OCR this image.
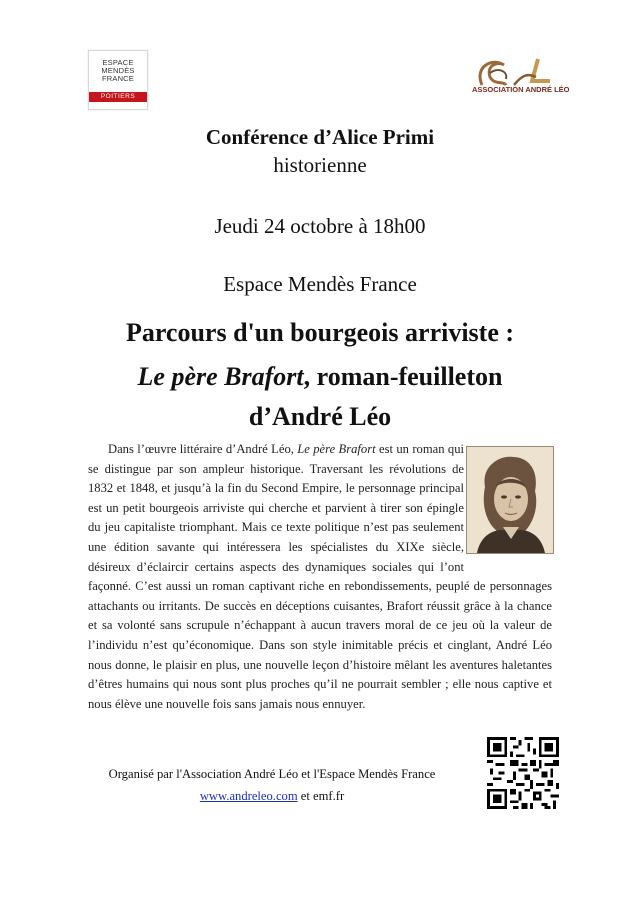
ESPACE
MENDÈS
FRANCE
POITIERS
ASSOCIATION ANDRÉ LÉO
Conférence d’Alice Primi
historienne
Jeudi 24 octobre à 18h00
Espace Mendès France
Parcours d'un bourgeois arriviste :
Le père Brafort, roman-feuilleton
d’André Léo
Dans l’œuvre littéraire d’André Léo, Le père Brafort est un roman qui se distingue par son ampleur historique. Traversant les révolutions de 1832 et 1848, et jusqu’à la fin du Second Empire, le personnage principal est un petit bourgeois arriviste qui cherche et parvient à tirer son épingle du jeu capitaliste triomphant. Mais ce texte politique n’est pas seulement une édition savante qui intéressera les spécialistes du XIXe siècle, désireux d’éclaircir certains aspects des dynamiques sociales qui l’ont façonné. C’est aussi un roman captivant riche en rebondissements, peuplé de personnages attachants ou irritants. De succès en déceptions cuisantes, Brafort réussit grâce à la chance et sa volonté sans scrupule n’échappant à aucun travers moral de ce jeu où la valeur de l’individu n’est qu’économique. Dans son style inimitable précis et cinglant, André Léo nous donne, le plaisir en plus, une nouvelle leçon d’histoire mêlant les aventures haletantes d’êtres humains qui nous sont plus proches qu’il ne pourrait sembler ; elle nous captive et nous élève une nouvelle fois sans jamais nous ennuyer.
Organisé par l'Association André Léo et l'Espace Mendès France
www.andreleo.com et emf.fr
